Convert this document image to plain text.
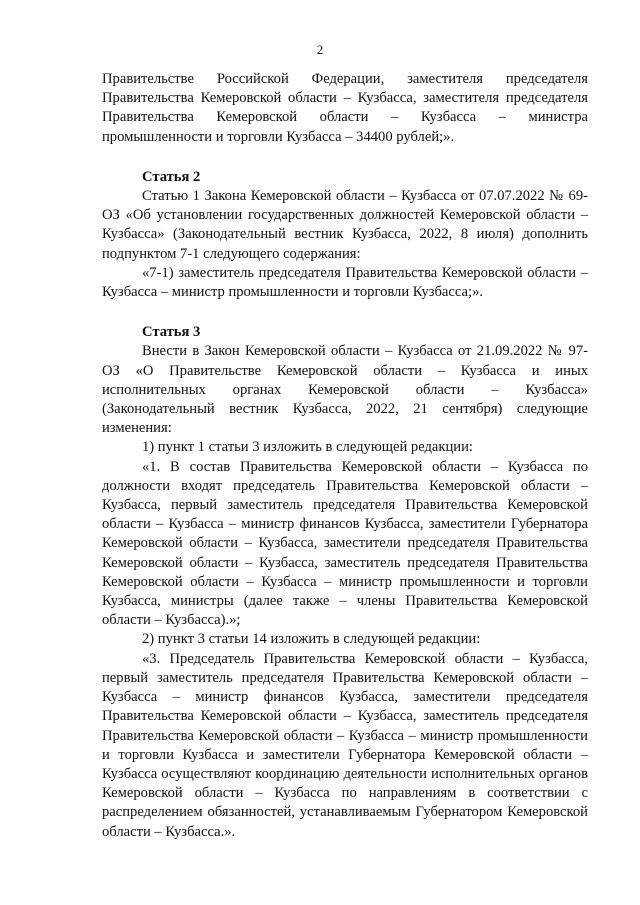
2

Правительстве Российской Федерации, заместителя председателя Правительства Кемеровской области – Кузбасса, заместителя председателя Правительства Кемеровской области – Кузбасса – министра промышленности и торговли Кузбасса – 34400 рублей;».

Статья 2

Статью 1 Закона Кемеровской области – Кузбасса от 07.07.2022 № 69-ОЗ «Об установлении государственных должностей Кемеровской области – Кузбасса» (Законодательный вестник Кузбасса, 2022, 8 июля) дополнить подпунктом 7-1 следующего содержания:

«7-1) заместитель председателя Правительства Кемеровской области – Кузбасса – министр промышленности и торговли Кузбасса;».

Статья 3

Внести в Закон Кемеровской области – Кузбасса от 21.09.2022 № 97-ОЗ «О Правительстве Кемеровской области – Кузбасса и иных исполнительных органах Кемеровской области – Кузбасса» (Законодательный вестник Кузбасса, 2022, 21 сентября) следующие изменения:

1) пункт 1 статьи 3 изложить в следующей редакции:

«1. В состав Правительства Кемеровской области – Кузбасса по должности входят председатель Правительства Кемеровской области – Кузбасса, первый заместитель председателя Правительства Кемеровской области – Кузбасса – министр финансов Кузбасса, заместители Губернатора Кемеровской области – Кузбасса, заместители председателя Правительства Кемеровской области – Кузбасса, заместитель председателя Правительства Кемеровской области – Кузбасса – министр промышленности и торговли Кузбасса, министры (далее также – члены Правительства Кемеровской области – Кузбасса).»;

2) пункт 3 статьи 14 изложить в следующей редакции:

«3. Председатель Правительства Кемеровской области – Кузбасса, первый заместитель председателя Правительства Кемеровской области – Кузбасса – министр финансов Кузбасса, заместители председателя Правительства Кемеровской области – Кузбасса, заместитель председателя Правительства Кемеровской области – Кузбасса – министр промышленности и торговли Кузбасса и заместители Губернатора Кемеровской области – Кузбасса осуществляют координацию деятельности исполнительных органов Кемеровской области – Кузбасса по направлениям в соответствии с распределением обязанностей, устанавливаемым Губернатором Кемеровской области – Кузбасса.».
